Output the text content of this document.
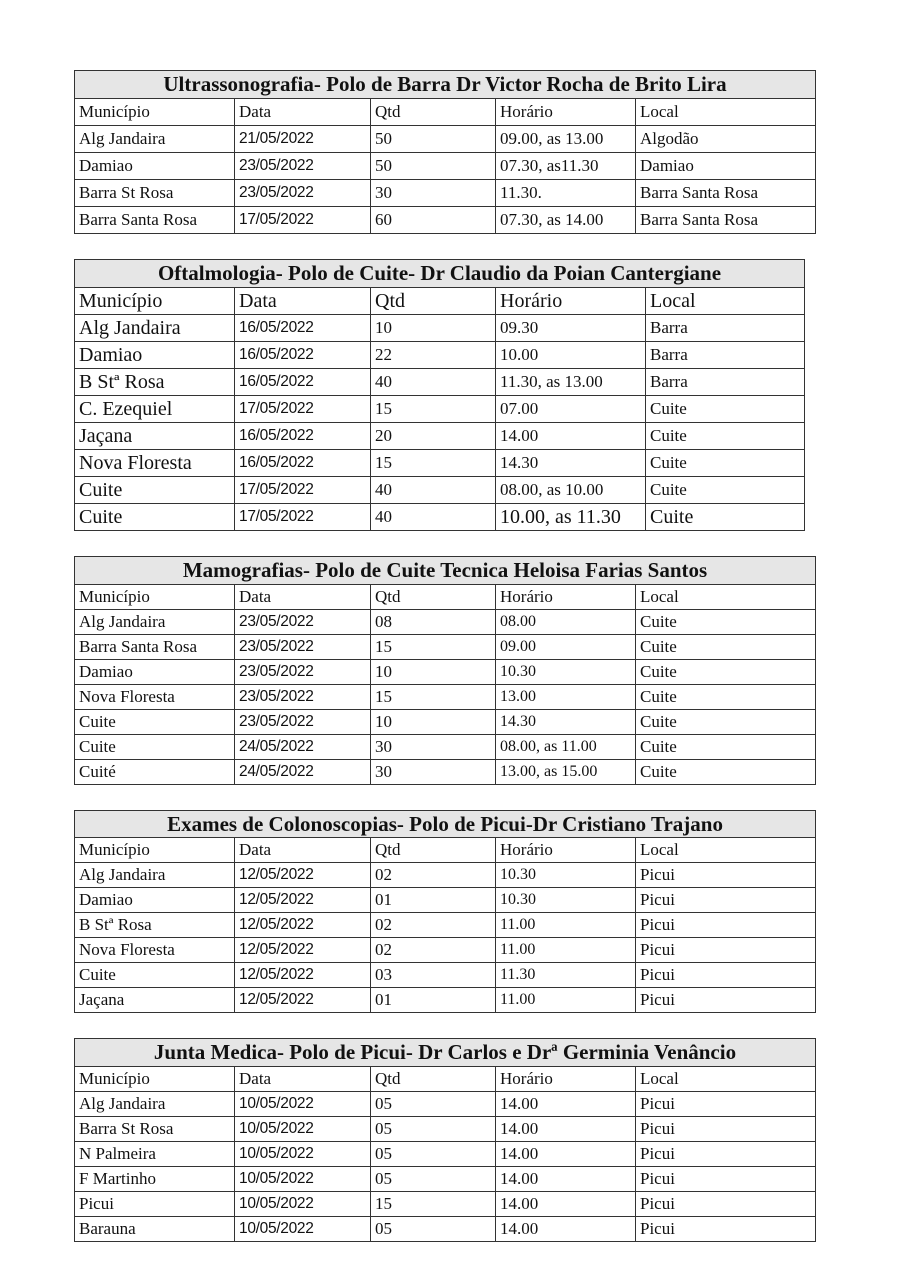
Ultrassonografia- Polo de Barra Dr Victor Rocha de Brito Lira				
Município	Data	Qtd	Horário	Local
Alg Jandaira	21/05/2022	50	09.00, as 13.00	Algodão
Damiao	23/05/2022	50	07.30, as11.30	Damiao
Barra St Rosa	23/05/2022	30	11.30.	Barra Santa Rosa
Barra Santa Rosa	17/05/2022	60	07.30, as 14.00	Barra Santa Rosa
Oftalmologia- Polo de Cuite- Dr Claudio da Poian Cantergiane				
Município	Data	Qtd	Horário	Local
Alg Jandaira	16/05/2022	10	09.30	Barra
Damiao	16/05/2022	22	10.00	Barra
B Stª Rosa	16/05/2022	40	11.30, as 13.00	Barra
C. Ezequiel	17/05/2022	15	07.00	Cuite
Jaçana	16/05/2022	20	14.00	Cuite
Nova Floresta	16/05/2022	15	14.30	Cuite
Cuite	17/05/2022	40	08.00, as 10.00	Cuite
Cuite	17/05/2022	40	10.00, as 11.30	Cuite
Mamografias- Polo de Cuite Tecnica Heloisa Farias Santos				
Município	Data	Qtd	Horário	Local
Alg Jandaira	23/05/2022	08	08.00	Cuite
Barra Santa Rosa	23/05/2022	15	09.00	Cuite
Damiao	23/05/2022	10	10.30	Cuite
Nova Floresta	23/05/2022	15	13.00	Cuite
Cuite	23/05/2022	10	14.30	Cuite
Cuite	24/05/2022	30	08.00, as 11.00	Cuite
Cuité	24/05/2022	30	13.00, as 15.00	Cuite
Exames de Colonoscopias- Polo de Picui-Dr Cristiano Trajano				
Município	Data	Qtd	Horário	Local
Alg Jandaira	12/05/2022	02	10.30	Picui
Damiao	12/05/2022	01	10.30	Picui
B Stª Rosa	12/05/2022	02	11.00	Picui
Nova Floresta	12/05/2022	02	11.00	Picui
Cuite	12/05/2022	03	11.30	Picui
Jaçana	12/05/2022	01	11.00	Picui
Junta Medica- Polo de Picui- Dr Carlos e Drª Germinia Venâncio				
Município	Data	Qtd	Horário	Local
Alg Jandaira	10/05/2022	05	14.00	Picui
Barra St Rosa	10/05/2022	05	14.00	Picui
N Palmeira	10/05/2022	05	14.00	Picui
F Martinho	10/05/2022	05	14.00	Picui
Picui	10/05/2022	15	14.00	Picui
Barauna	10/05/2022	05	14.00	Picui
